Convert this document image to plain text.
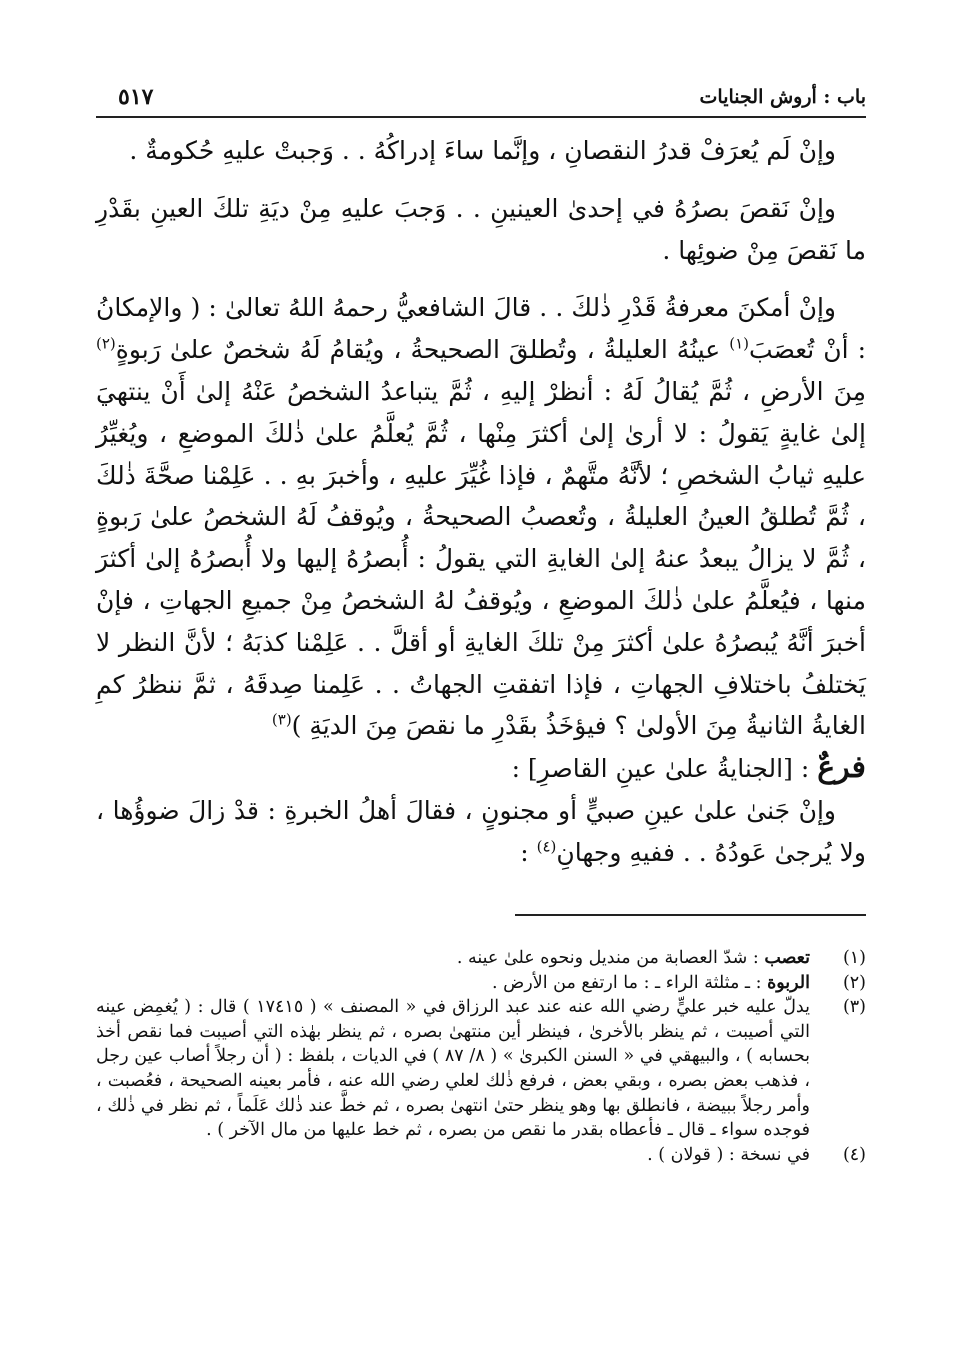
باب : أروش الجنايات
٥١٧

وإنْ لَم يُعرَفْ قدرُ النقصانِ ، وإنَّما ساءَ إدراكُهُ . . وَجبتْ عليهِ حُكومةٌ .

وإنْ نَقصَ بصرُهُ في إحدىٰ العينينِ . . وَجبَ عليهِ مِنْ ديَةِ تلكَ العينِ بقَدْرِ ما نَقصَ مِنْ ضوئِها .

وإنْ أمكنَ معرفةُ قَدْرِ ذٰلكَ . . قالَ الشافعيُّ رحمهُ اللهُ تعالىٰ : ( والإمكانُ : أنْ تُعصَبَ$^{(١)}$ عينُهُ العليلةُ ، وتُطلقَ الصحيحةُ ، ويُقامُ لَهُ شخصٌ علىٰ رَبوةٍ$^{(٢)}$ مِنَ الأرضِ ، ثُمَّ يُقالُ لَهُ : أنظرْ إليهِ ، ثُمَّ يتباعدُ الشخصُ عَنْهُ إلىٰ أَنْ ينتهيَ إلىٰ غايةٍ يَقولُ : لا أرىٰ إلىٰ أكثرَ مِنْها ، ثُمَّ يُعلَّمُ علىٰ ذٰلكَ الموضعِ ، ويُغيِّرُ عليهِ ثيابُ الشخصِ ؛ لأنَّهُ متَّهمٌ ، فإذا غُيِّرَ عليهِ ، وأخبرَ بهِ . . عَلِمْنا صحَّةَ ذٰلكَ ، ثُمَّ تُطلقُ العينُ العليلةُ ، وتُعصبُ الصحيحةُ ، ويُوقفُ لَهُ الشخصُ علىٰ رَبوةٍ ، ثُمَّ لا يزالُ يبعدُ عنهُ إلىٰ الغايةِ التي يقولُ : أُبصرُهُ إليها ولا أُبصرُهُ إلىٰ أكثرَ منها ، فيُعلَّمُ علىٰ ذٰلكَ الموضعِ ، ويُوقفُ لهُ الشخصُ مِنْ جميعِ الجهاتِ ، فإنْ أخبرَ أنَّهُ يُبصرُهُ علىٰ أكثرَ مِنْ تلكَ الغايةِ أو أقلَّ . . عَلِمْنا كذبَهُ ؛ لأنَّ النظر لا يَختلفُ باختلافِ الجهاتِ ، فإذا اتفقتِ الجهاتُ . . عَلِمنا صِدقَهُ ، ثمَّ ننظرُ كمِ الغايةُ الثانيةُ مِنَ الأولىٰ ؟ فيؤخَذُ بقَدْرِ ما نقصَ مِنَ الديَةِ )$^{(٣)}$

فرعٌ : [الجنايةُ علىٰ عينِ القاصرِ] :

وإنْ جَنىٰ علىٰ عينِ صبيٍّ أو مجنونٍ ، فقالَ أهلُ الخبرةِ : قدْ زالَ ضوؤُها ، ولا يُرجىٰ عَودُهُ . . ففيهِ وجهانِ$^{(٤)}$ :

(١)
تعصب : شدّ العصابة من منديل ونحوه علىٰ عينه .
(٢)
الربوة : ـ مثلثة الراء ـ : ما ارتفع من الأرض .
(٣)
يدلّ عليه خبر عليٍّ رضي الله عنه عند عبد الرزاق في « المصنف » ( ١٧٤١٥ ) قال : ( يُغمِض عينه التي أصيبت ، ثم ينظر بالأخرىٰ ، فينظر أين منتهىٰ بصره ، ثم ينظر بهٰذه التي أصيبت فما نقص أخذ بحسابه ) ، والبيهقي في « السنن الكبرىٰ » ( ٨/ ٨٧ ) في الديات ، بلفظ : ( أن رجلاً أصاب عين رجل ، فذهب بعض بصره ، وبقي بعض ، فرفع ذٰلك لعلي رضي الله عنه ، فأمر بعينه الصحيحة ، فعُصبت ، وأمر رجلاً ببيضة ، فانطلق بها وهو ينظر حتىٰ انتهىٰ بصره ، ثم خطَّ عند ذٰلك عَلَماً ، ثم نظر في ذٰلك ، فوجده سواء ـ قال ـ فأعطاه بقدر ما نقص من بصره ، ثم خط عليها من مال الآخر ) .
(٤)
في نسخة : ( قولان ) .
